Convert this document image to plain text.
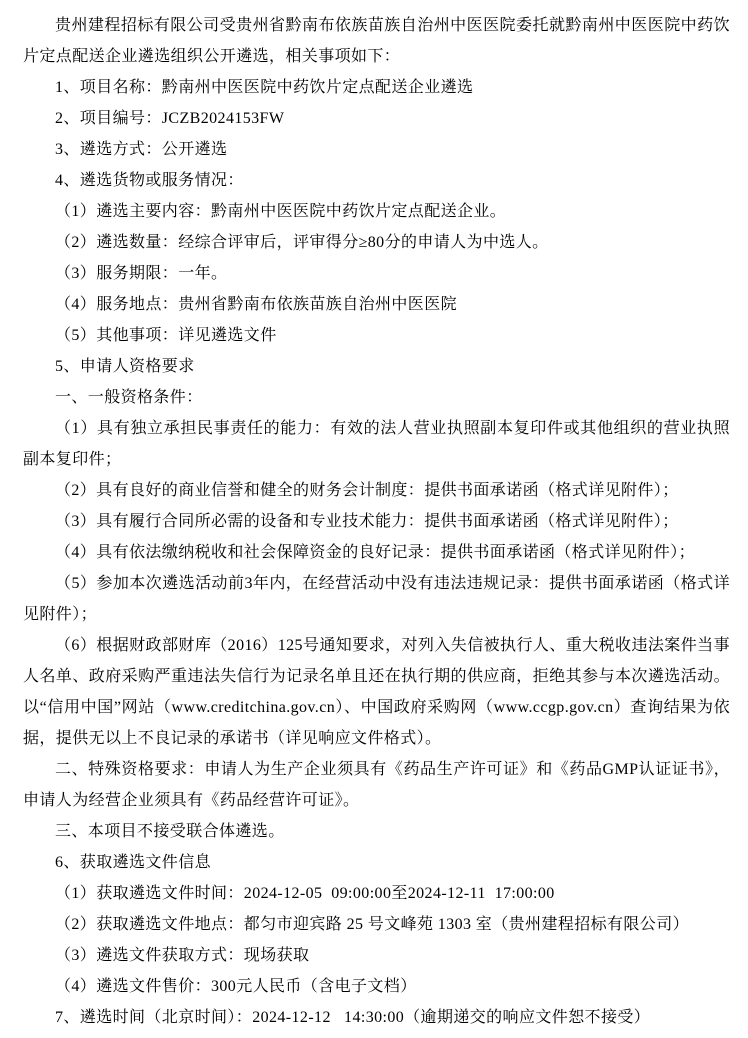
贵州建程招标有限公司受贵州省黔南布依族苗族自治州中医医院委托就黔南州中医医院中药饮片定点配送企业遴选组织公开遴选，相关事项如下：

1、项目名称：黔南州中医医院中药饮片定点配送企业遴选

2、项目编号：JCZB2024153FW

3、遴选方式：公开遴选

4、遴选货物或服务情况：

（1）遴选主要内容：黔南州中医医院中药饮片定点配送企业。

（2）遴选数量：经综合评审后，评审得分≥80分的申请人为中选人。

（3）服务期限：一年。

（4）服务地点：贵州省黔南布依族苗族自治州中医医院

（5）其他事项：详见遴选文件

5、申请人资格要求

一、一般资格条件：

（1）具有独立承担民事责任的能力：有效的法人营业执照副本复印件或其他组织的营业执照副本复印件；

（2）具有良好的商业信誉和健全的财务会计制度：提供书面承诺函（格式详见附件）；

（3）具有履行合同所必需的设备和专业技术能力：提供书面承诺函（格式详见附件）；

（4）具有依法缴纳税收和社会保障资金的良好记录：提供书面承诺函（格式详见附件）；

（5）参加本次遴选活动前3年内，在经营活动中没有违法违规记录：提供书面承诺函（格式详见附件）；

（6）根据财政部财库（2016）125号通知要求，对列入失信被执行人、重大税收违法案件当事人名单、政府采购严重违法失信行为记录名单且还在执行期的供应商，拒绝其参与本次遴选活动。以“信用中国”网站（www.creditchina.gov.cn）、中国政府采购网（www.ccgp.gov.cn）查询结果为依据，提供无以上不良记录的承诺书（详见响应文件格式）。

二、特殊资格要求：申请人为生产企业须具有《药品生产许可证》和《药品GMP认证证书》，申请人为经营企业须具有《药品经营许可证》。

三、本项目不接受联合体遴选。

6、获取遴选文件信息

（1）获取遴选文件时间：2024-12-05  09:00:00至2024-12-11  17:00:00

（2）获取遴选文件地点：都匀市迎宾路 25 号文峰苑 1303 室（贵州建程招标有限公司）

（3）遴选文件获取方式：现场获取

（4）遴选文件售价：300元人民币（含电子文档）

7、遴选时间（北京时间）：2024-12-12   14:30:00（逾期递交的响应文件恕不接受）
